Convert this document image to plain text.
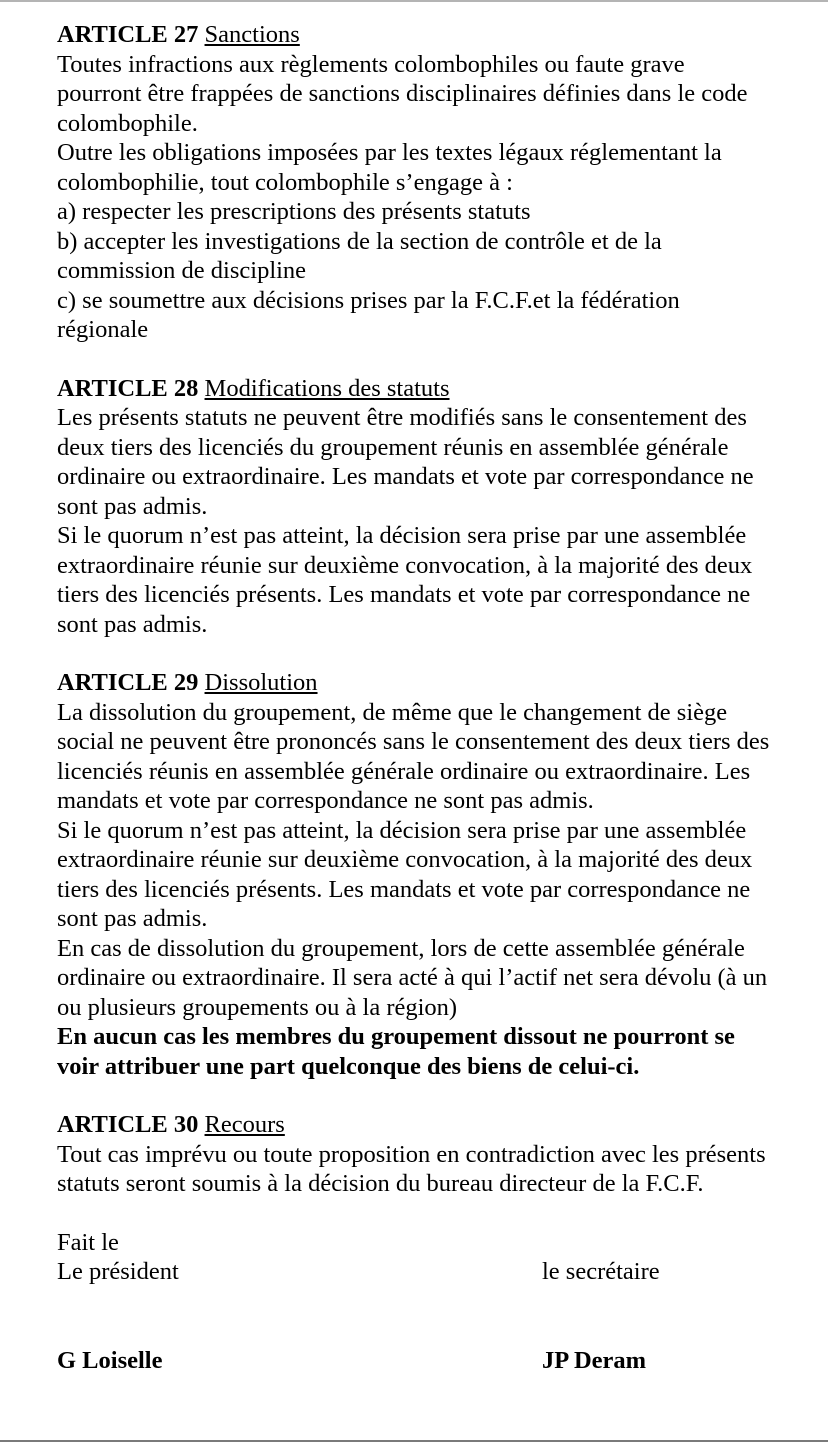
ARTICLE 27 Sanctions

Toutes infractions aux règlements colombophiles ou faute grave pourront être frappées de sanctions disciplinaires définies dans le code colombophile.

Outre les obligations imposées par les textes légaux réglementant la colombophilie, tout colombophile s’engage à :

a) respecter les prescriptions des présents statuts

b) accepter les investigations de la section de contrôle et de la commission de discipline

c) se soumettre aux décisions prises par la F.C.F.et la fédération régionale

ARTICLE 28 Modifications des statuts

Les présents statuts ne peuvent être modifiés sans le consentement des deux tiers des licenciés du groupement réunis en assemblée générale ordinaire ou extraordinaire. Les mandats et vote par correspondance ne sont pas admis.

Si le quorum n’est pas atteint, la décision sera prise par une assemblée extraordinaire réunie sur deuxième convocation, à la majorité des deux tiers des licenciés présents. Les mandats et vote par correspondance ne sont pas admis.

ARTICLE 29 Dissolution

La dissolution du groupement, de même que le changement de siège social ne peuvent être prononcés sans le consentement des deux tiers des licenciés réunis en assemblée générale ordinaire ou extraordinaire. Les mandats et vote par correspondance ne sont pas admis.

Si le quorum n’est pas atteint, la décision sera prise par une assemblée extraordinaire réunie sur deuxième convocation, à la majorité des deux tiers des licenciés présents. Les mandats et vote par correspondance ne sont pas admis.

En cas de dissolution du groupement, lors de cette assemblée générale ordinaire ou extraordinaire. Il sera acté à qui l’actif net sera dévolu (à un ou plusieurs groupements ou à la région)

En aucun cas les membres du groupement dissout ne pourront se voir attribuer une part quelconque des biens de celui-ci.

ARTICLE 30 Recours

Tout cas imprévu ou toute proposition en contradiction avec les présents statuts seront soumis à la décision du bureau directeur de la F.C.F.

Fait le
Le président	le secrétaire
G Loiselle	JP Deram
